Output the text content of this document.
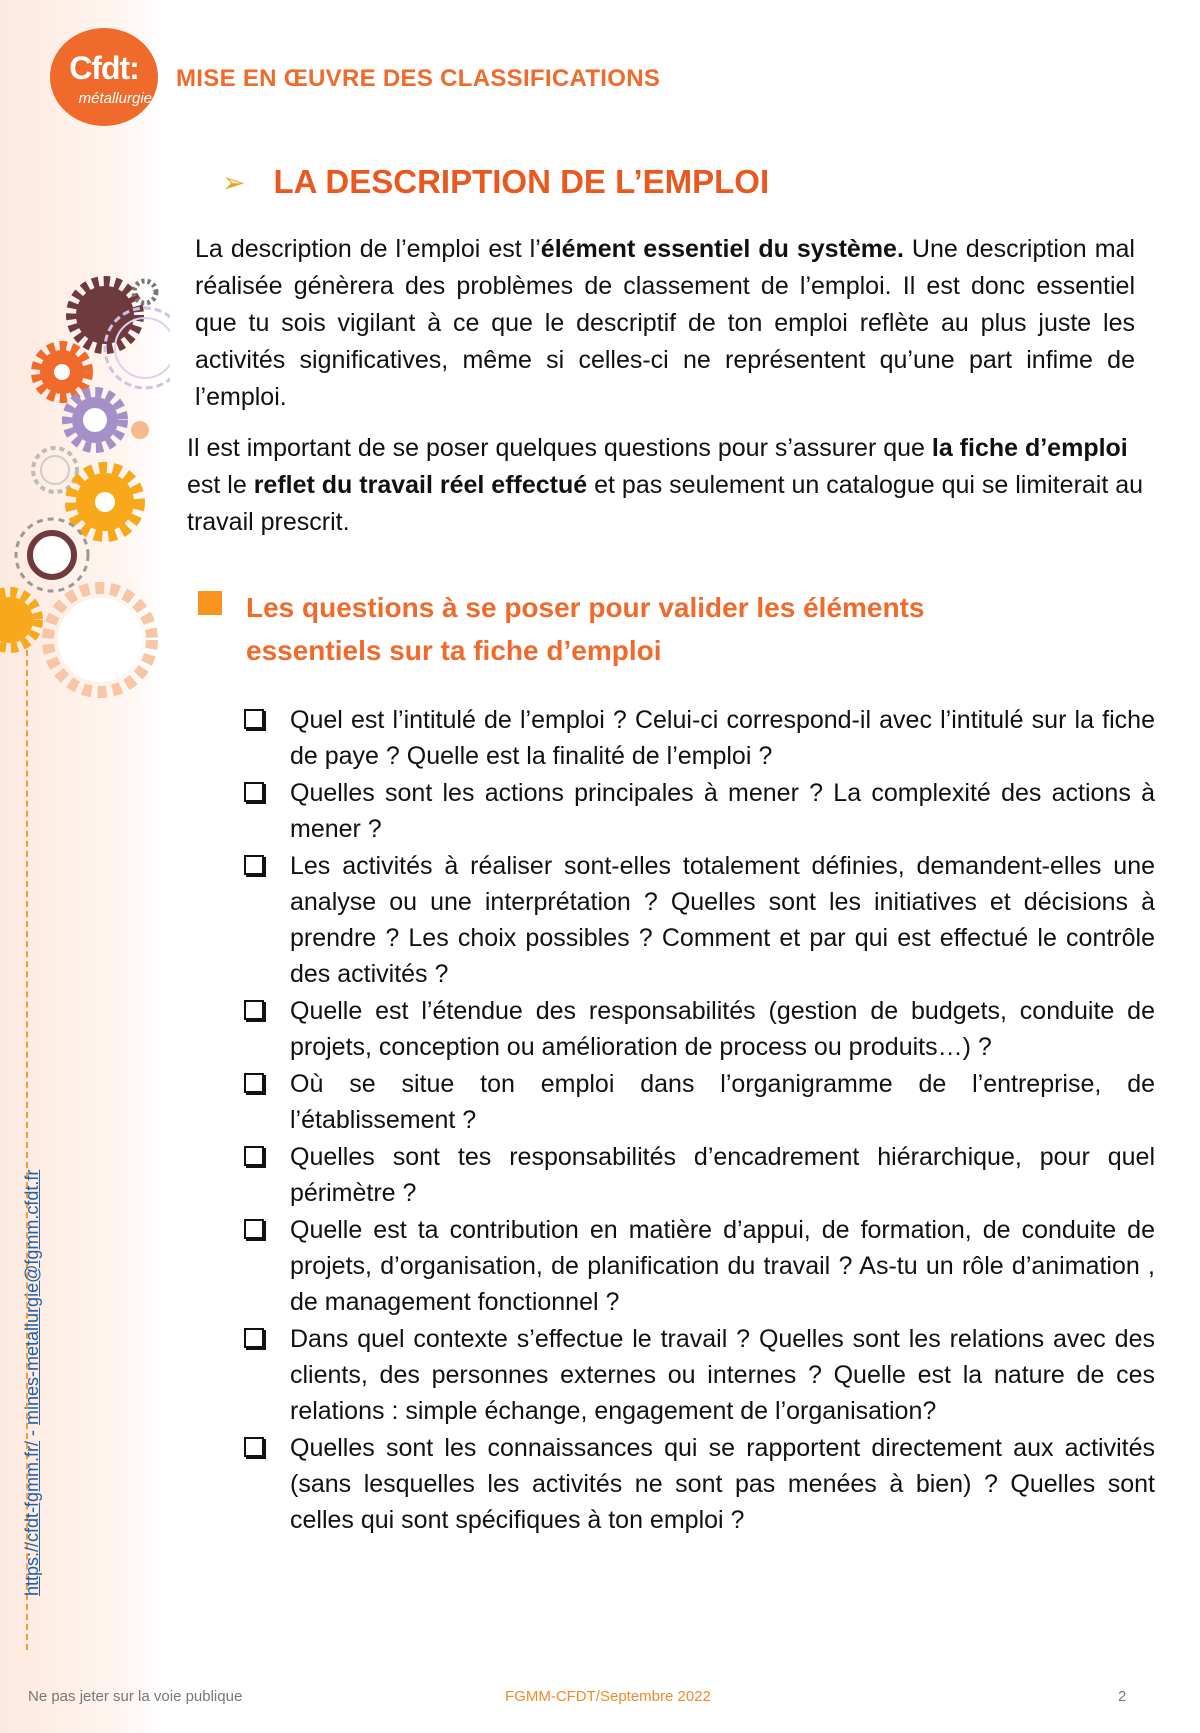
Cfdt:
métallurgie
MISE EN ŒUVRE DES CLASSIFICATIONS
➢ LA DESCRIPTION DE L’EMPLOI
La description de l’emploi est l’élément essentiel du système. Une description mal réalisée génèrera des problèmes de classement de l’emploi. Il est donc essentiel que tu sois vigilant à ce que le descriptif de ton emploi reflète au plus juste les activités significatives, même si celles-ci ne représentent qu’une part infime de l’emploi.
Il est important de se poser quelques questions pour s’assurer que la fiche d’emploi est le reflet du travail réel effectué et pas seulement un catalogue qui se limiterait au travail prescrit.
Les questions à se poser pour valider les éléments essentiels sur ta fiche d’emploi
Quel est l’intitulé de l’emploi ? Celui-ci correspond-il avec l’intitulé sur la fiche de paye ? Quelle est la finalité de l’emploi ?
Quelles sont les actions principales à mener ? La complexité des actions à mener ?
Les activités à réaliser sont-elles totalement définies, demandent-elles une analyse ou une interprétation ? Quelles sont les initiatives et décisions à prendre ? Les choix possibles ? Comment et par qui est effectué le contrôle des activités ?
Quelle est l’étendue des responsabilités (gestion de budgets, conduite de projets, conception ou amélioration de process ou produits…) ?
Où se situe ton emploi dans l’organigramme de l’entreprise, de l’établissement ?
Quelles sont tes responsabilités d’encadrement hiérarchique, pour quel périmètre ?
Quelle est ta contribution en matière d’appui, de formation, de conduite de projets, d’organisation, de planification du travail ? As-tu un rôle d’animation , de management fonctionnel ?
Dans quel contexte s’effectue le travail ? Quelles sont les relations avec des clients, des personnes externes ou internes ? Quelle est la nature de ces relations : simple échange, engagement de l’organisation?
Quelles sont les connaissances qui se rapportent directement aux activités (sans lesquelles les activités ne sont pas menées à bien) ? Quelles sont celles qui sont spécifiques à ton emploi ?
https://cfdt-fgmm.fr/ - mines-metallurgie@fgmm.cfdt.fr
Ne pas jeter sur la voie publique	FGMM-CFDT/Septembre 2022	2
